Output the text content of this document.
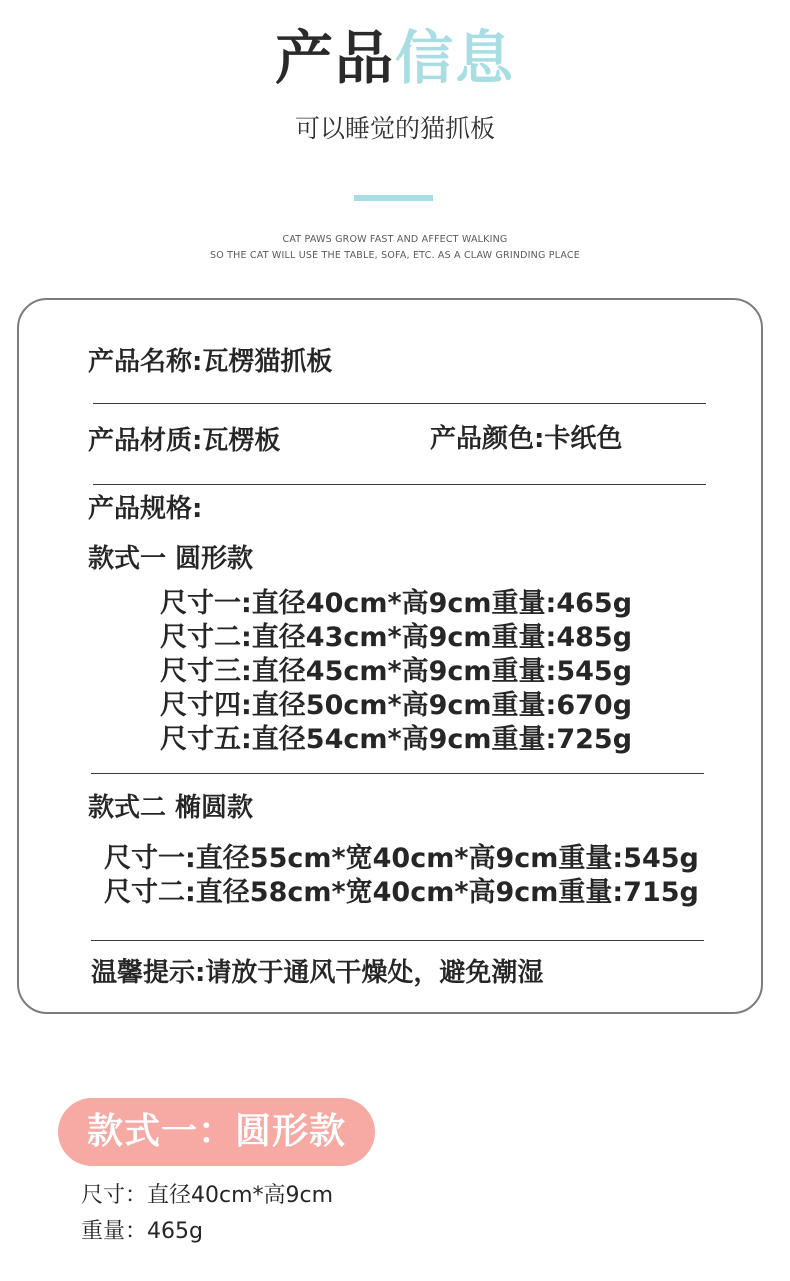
产品信息
可以睡觉的猫抓板
CAT PAWS GROW FAST AND AFFECT WALKING
SO THE CAT WILL USE THE TABLE, SOFA, ETC. AS A CLAW GRINDING PLACE
产品名称:瓦楞猫抓板
产品材质:瓦楞板	产品颜色:卡纸色
产品规格:
款式一 圆形款
尺寸一:直径40cm*高9cm重量:465g
尺寸二:直径43cm*高9cm重量:485g
尺寸三:直径45cm*高9cm重量:545g
尺寸四:直径50cm*高9cm重量:670g
尺寸五:直径54cm*高9cm重量:725g
款式二 椭圆款
尺寸一:直径55cm*宽40cm*高9cm重量:545g
尺寸二:直径58cm*宽40cm*高9cm重量:715g
温馨提示:请放于通风干燥处，避免潮湿
款式一：圆形款
尺寸：直径40cm*高9cm
重量：465g
